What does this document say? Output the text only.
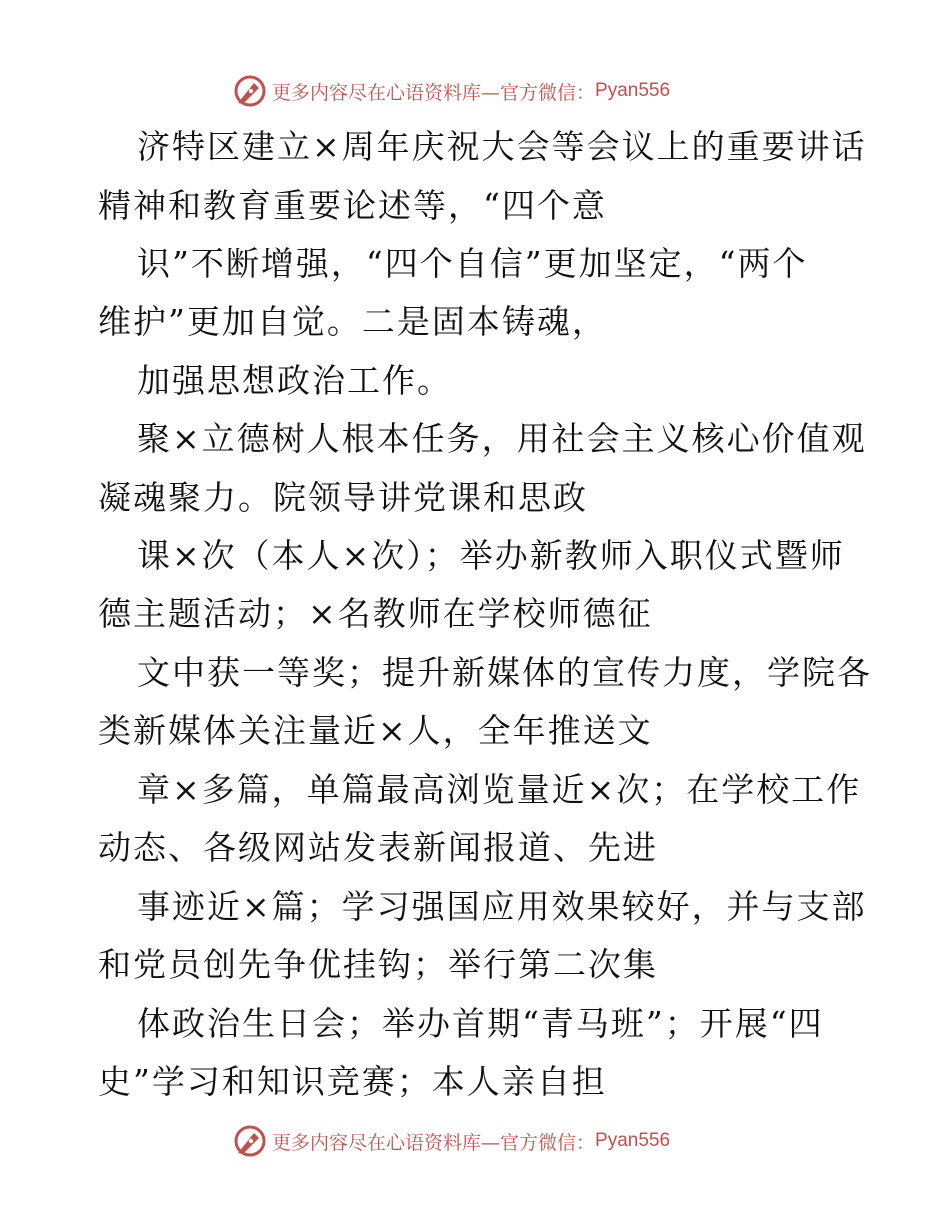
更多内容尽在心语资料库—官方微信： Pyan556
济特区建立×周年庆祝大会等会议上的重要讲话
精神和教育重要论述等，“四个意
识”不断增强，“四个自信”更加坚定，“两个
维护”更加自觉。二是固本铸魂，
加强思想政治工作。
聚×立德树人根本任务，用社会主义核心价值观
凝魂聚力。院领导讲党课和思政
课×次（本人×次）；举办新教师入职仪式暨师
德主题活动；×名教师在学校师德征
文中获一等奖；提升新媒体的宣传力度，学院各
类新媒体关注量近×人，全年推送文
章×多篇，单篇最高浏览量近×次；在学校工作
动态、各级网站发表新闻报道、先进
事迹近×篇；学习强国应用效果较好，并与支部
和党员创先争优挂钩；举行第二次集
体政治生日会；举办首期“青马班”；开展“四
史”学习和知识竞赛；本人亲自担
更多内容尽在心语资料库—官方微信： Pyan556
